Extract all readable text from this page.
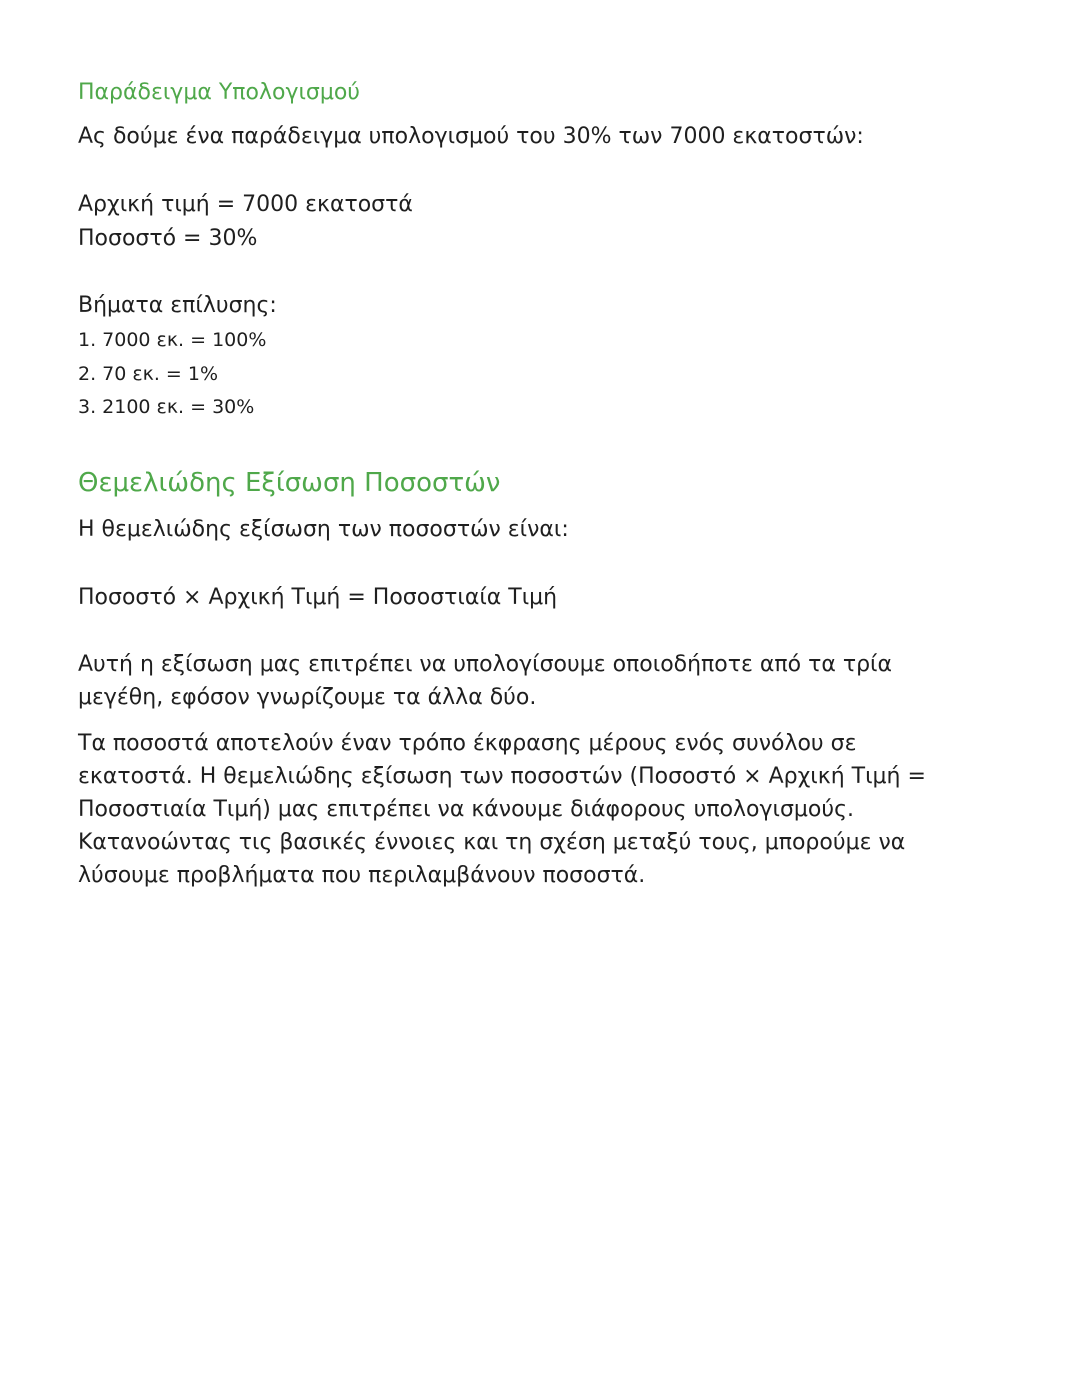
Παράδειγμα Υπολογισμού

Ας δούμε ένα παράδειγμα υπολογισμού του 30% των 7000 εκατοστών:

Αρχική τιμή = 7000 εκατοστά

Ποσοστό = 30%

Βήματα επίλυσης:

1. 7000 εκ. = 100%

2. 70 εκ. = 1%

3. 2100 εκ. = 30%

Θεμελιώδης Εξίσωση Ποσοστών

Η θεμελιώδης εξίσωση των ποσοστών είναι:

Ποσοστό × Αρχική Τιμή = Ποσοστιαία Τιμή

Αυτή η εξίσωση μας επιτρέπει να υπολογίσουμε οποιοδήποτε από τα τρία μεγέθη, εφόσον γνωρίζουμε τα άλλα δύο.

Τα ποσοστά αποτελούν έναν τρόπο έκφρασης μέρους ενός συνόλου σε εκατοστά. Η θεμελιώδης εξίσωση των ποσοστών (Ποσοστό × Αρχική Τιμή = Ποσοστιαία Τιμή) μας επιτρέπει να κάνουμε διάφορους υπολογισμούς. Κατανοώντας τις βασικές έννοιες και τη σχέση μεταξύ τους, μπορούμε να λύσουμε προβλήματα που περιλαμβάνουν ποσοστά.
